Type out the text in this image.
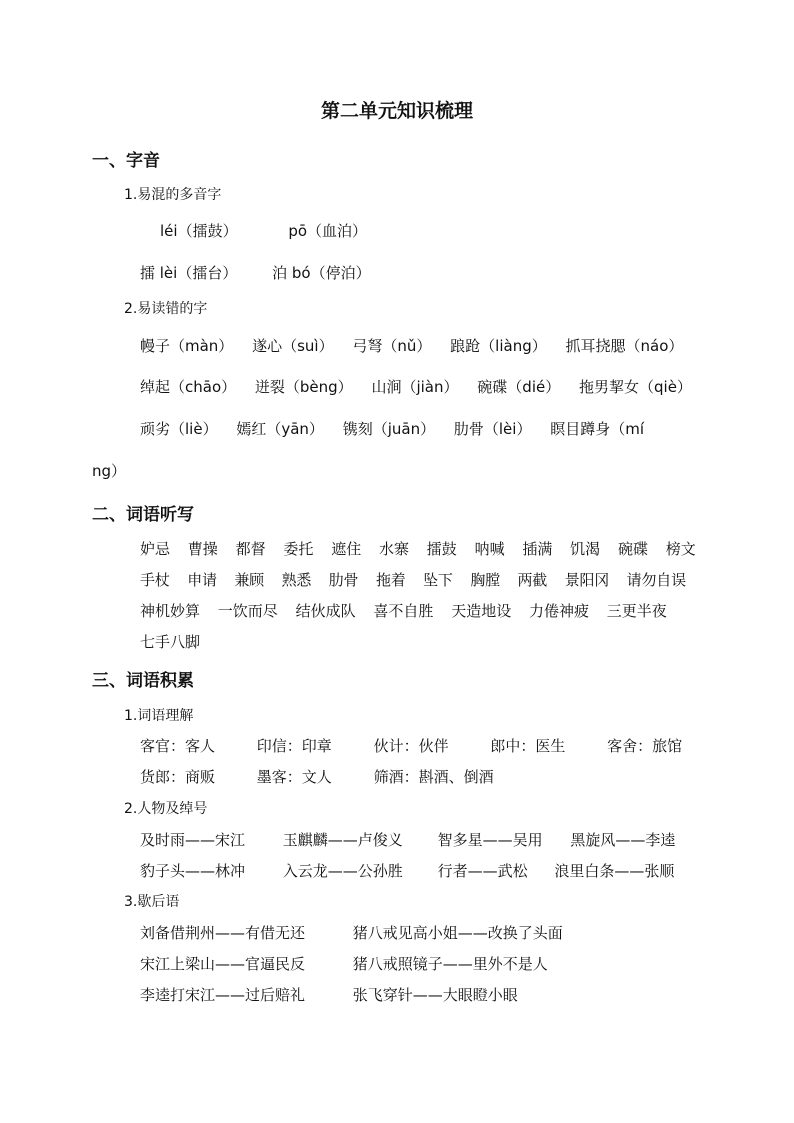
第二单元知识梳理
一、字音
1.易混的多音字
léi（擂鼓）	pō（血泊）
擂 lèi（擂台） 泊 bó（停泊）
2.易读错的字
幔子（màn） 遂心（suì） 弓弩（nǔ） 踉跄（liàng） 抓耳挠腮（náo）
绰起（chāo） 迸裂（bèng） 山涧（jiàn） 碗碟（dié） 拖男挈女（qiè）
顽劣（liè） 嫣红（yān） 镌刻（juān） 肋骨（lèi） 瞑目蹲身（mí
ng）
二、词语听写
妒忌 曹操 都督 委托 遮住 水寨 擂鼓 呐喊 插满 饥渴 碗碟 榜文
手杖 申请 兼顾 熟悉 肋骨 拖着 坠下 胸膛 两截 景阳冈 请勿自误
神机妙算 一饮而尽 结伙成队 喜不自胜 天造地设 力倦神疲 三更半夜
七手八脚
三、词语积累
1.词语理解
客官：客人	印信：印章	伙计：伙伴	郎中：医生	客舍：旅馆
货郎：商贩	墨客：文人	筛酒：斟酒、倒酒
2.人物及绰号
及时雨——宋江	玉麒麟——卢俊义 智多星——吴用 黑旋风——李逵
豹子头——林冲	入云龙——公孙胜 行者——武松 浪里白条——张顺
3.歇后语
刘备借荆州——有借无还	猪八戒见高小姐——改换了头面
宋江上梁山——官逼民反	猪八戒照镜子——里外不是人
李逵打宋江——过后赔礼	张飞穿针——大眼瞪小眼
